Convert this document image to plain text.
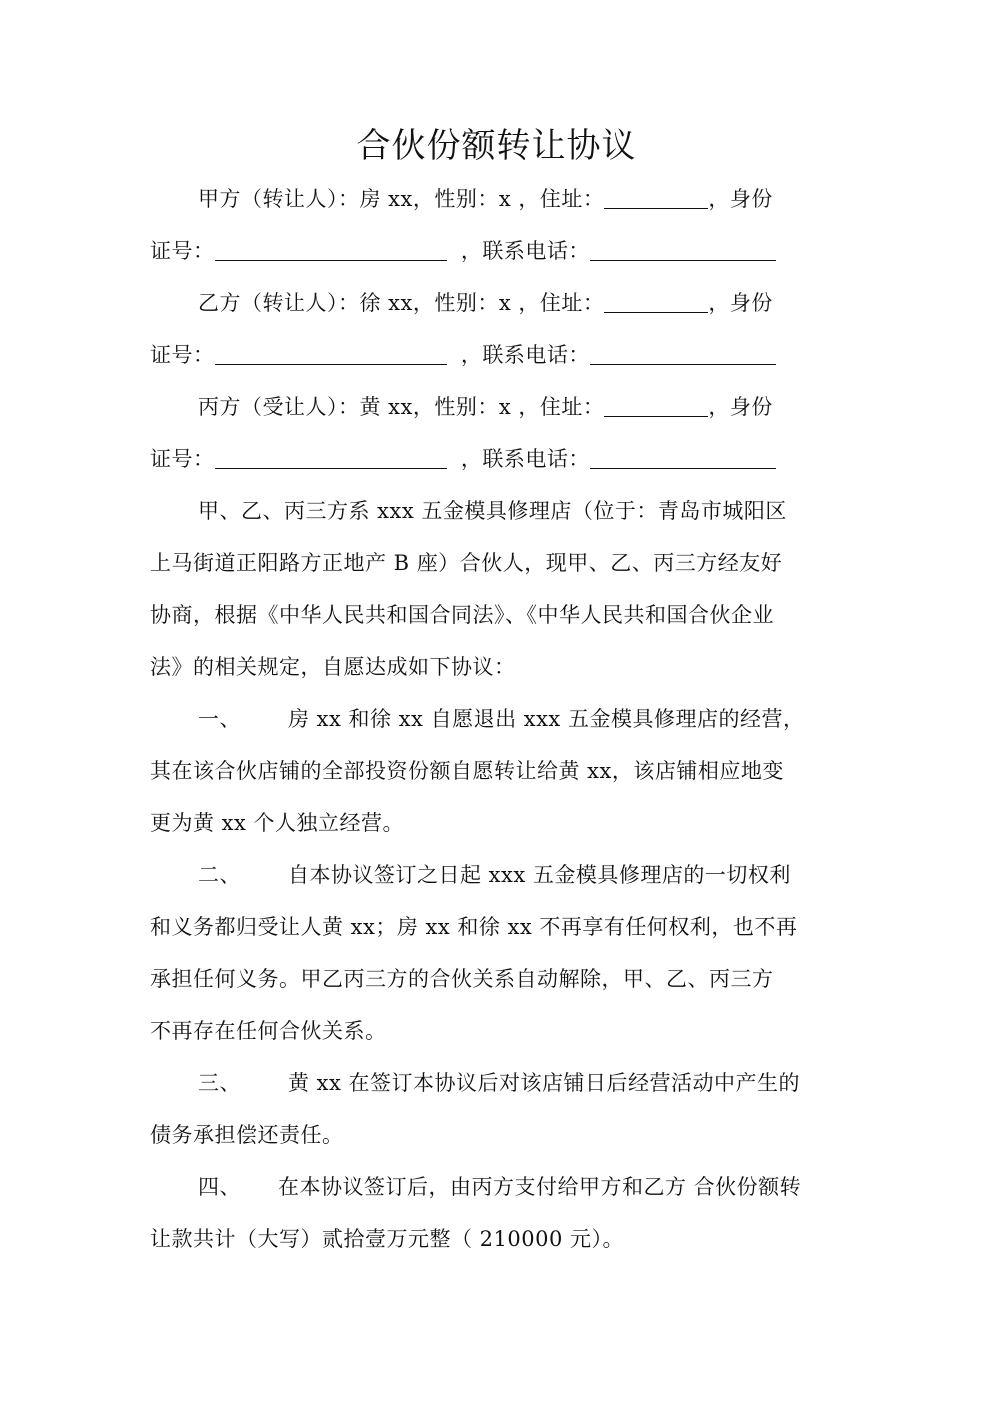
合伙份额转让协议
甲方（转让人）：房 xx，性别：x ，住址：	，身份
证号：	，联系电话：
乙方（转让人）：徐 xx，性别：x ，住址：	，身份
证号：	，联系电话：
丙方（受让人）：黄 xx，性别：x ，住址：	，身份
证号：	，联系电话：
甲、乙、丙三方系 xxx 五金模具修理店（位于：青岛市城阳区
上马街道正阳路方正地产 B 座）合伙人，现甲、乙、丙三方经友好
协商，根据《中华人民共和国合同法》、《中华人民共和国合伙企业
法》的相关规定，自愿达成如下协议：
一、 房 xx 和徐 xx 自愿退出 xxx 五金模具修理店的经营，
其在该合伙店铺的全部投资份额自愿转让给黄 xx，该店铺相应地变
更为黄 xx 个人独立经营。
二、 自本协议签订之日起 xxx 五金模具修理店的一切权利
和义务都归受让人黄 xx；房 xx 和徐 xx 不再享有任何权利，也不再
承担任何义务。甲乙丙三方的合伙关系自动解除，甲、乙、丙三方
不再存在任何合伙关系。
三、 黄 xx 在签订本协议后对该店铺日后经营活动中产生的
债务承担偿还责任。
四、 在本协议签订后，由丙方支付给甲方和乙方 合伙份额转
让款共计（大写）贰拾壹万元整（ 210000 元）。
